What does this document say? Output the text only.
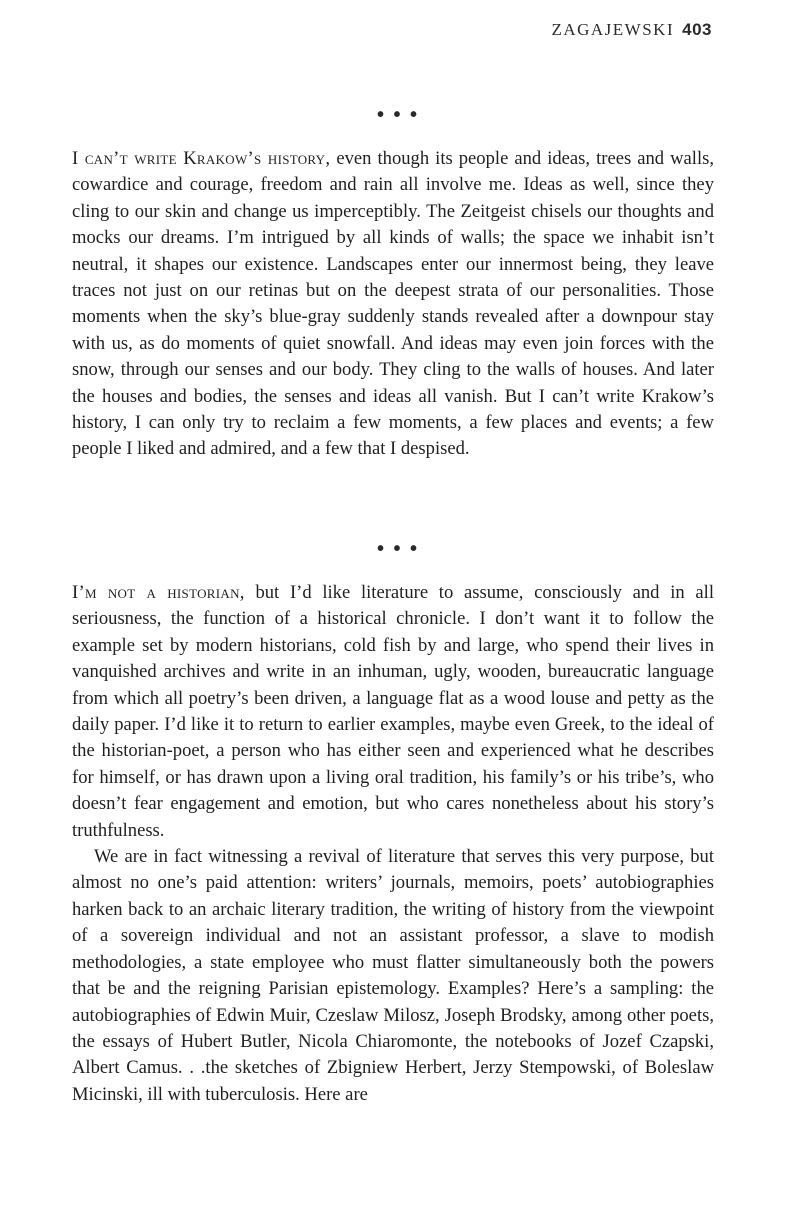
ZAGAJEWSKI 403
• • •

I can’t write Krakow’s history, even though its people and ideas, trees and walls, cowardice and courage, freedom and rain all involve me. Ideas as well, since they cling to our skin and change us imperceptibly. The Zeitgeist chisels our thoughts and mocks our dreams. I’m intrigued by all kinds of walls; the space we inhabit isn’t neutral, it shapes our existence. Landscapes enter our innermost being, they leave traces not just on our retinas but on the deepest strata of our personalities. Those moments when the sky’s blue-gray suddenly stands revealed after a downpour stay with us, as do moments of quiet snowfall. And ideas may even join forces with the snow, through our senses and our body. They cling to the walls of houses. And later the houses and bodies, the senses and ideas all vanish. But I can’t write Krakow’s history, I can only try to reclaim a few moments, a few places and events; a few people I liked and admired, and a few that I despised.

• • •

I’m not a historian, but I’d like literature to assume, consciously and in all seriousness, the function of a historical chronicle. I don’t want it to follow the example set by modern historians, cold fish by and large, who spend their lives in vanquished archives and write in an inhuman, ugly, wooden, bureaucratic language from which all poetry’s been driven, a language flat as a wood louse and petty as the daily paper. I’d like it to return to earlier examples, maybe even Greek, to the ideal of the historian-poet, a person who has either seen and experienced what he describes for himself, or has drawn upon a living oral tradition, his family’s or his tribe’s, who doesn’t fear engagement and emotion, but who cares nonetheless about his story’s truthfulness.

We are in fact witnessing a revival of literature that serves this very purpose, but almost no one’s paid attention: writers’ journals, memoirs, poets’ autobiographies harken back to an archaic literary tradition, the writing of history from the viewpoint of a sovereign individual and not an assistant professor, a slave to modish methodologies, a state employee who must flatter simultaneously both the powers that be and the reigning Parisian epistemology. Examples? Here’s a sampling: the autobiographies of Edwin Muir, Czeslaw Milosz, Joseph Brodsky, among other poets, the essays of Hubert Butler, Nicola Chiaromonte, the notebooks of Jozef Czapski, Albert Camus. . .the sketches of Zbigniew Herbert, Jerzy Stempowski, of Boleslaw Micinski, ill with tuberculosis. Here are
